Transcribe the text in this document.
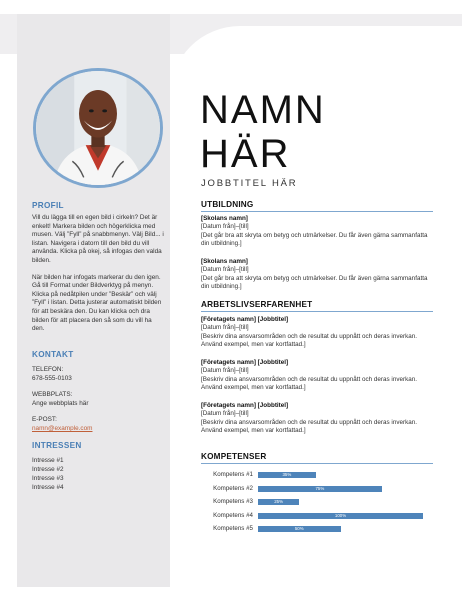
PROFIL

Vill du lägga till en egen bild i cirkeln? Det är enkelt! Markera bilden och högerklicka med musen. Välj ”Fyll” på snabbmenyn. Välj Bild... i listan. Navigera i datorn till den bild du vill använda. Klicka på okej, så infogas den valda bilden.

När bilden har infogats markerar du den igen. Gå till Format under Bildverktyg på menyn. Klicka på nedåtpilen under ”Beskär” och välj ”Fyll” i listan. Detta justerar automatiskt bilden för att beskära den. Du kan klicka och dra bilden för att placera den så som du vill ha den.

KONTAKT
TELEFON:
678-555-0103
WEBBPLATS:
Ange webbplats här
E-POST:
namn@example.com
INTRESSEN
Intresse #1
Intresse #2
Intresse #3
Intresse #4
NAMN
HÄR
JOBBTITEL HÄR
UTBILDNING
[Skolans namn]
[Datum från]–[till]
[Det går bra att skryta om betyg och utmärkelser. Du får även gärna sammanfatta din utbildning.]
[Skolans namn]
[Datum från]–[till]
[Det går bra att skryta om betyg och utmärkelser. Du får även gärna sammanfatta din utbildning.]
ARBETSLIVSERFARENHET
[Företagets namn] [Jobbtitel]
[Datum från]–[till]
[Beskriv dina ansvarsområden och de resultat du uppnått och deras inverkan. Använd exempel, men var kortfattad.]
[Företagets namn] [Jobbtitel]
[Datum från]–[till]
[Beskriv dina ansvarsområden och de resultat du uppnått och deras inverkan. Använd exempel, men var kortfattad.]
[Företagets namn] [Jobbtitel]
[Datum från]–[till]
[Beskriv dina ansvarsområden och de resultat du uppnått och deras inverkan. Använd exempel, men var kortfattad.]
KOMPETENSER
Kompetens #1	35%
Kompetens #2	75%
Kompetens #3	25%
Kompetens #4	100%
Kompetens #5	50%
